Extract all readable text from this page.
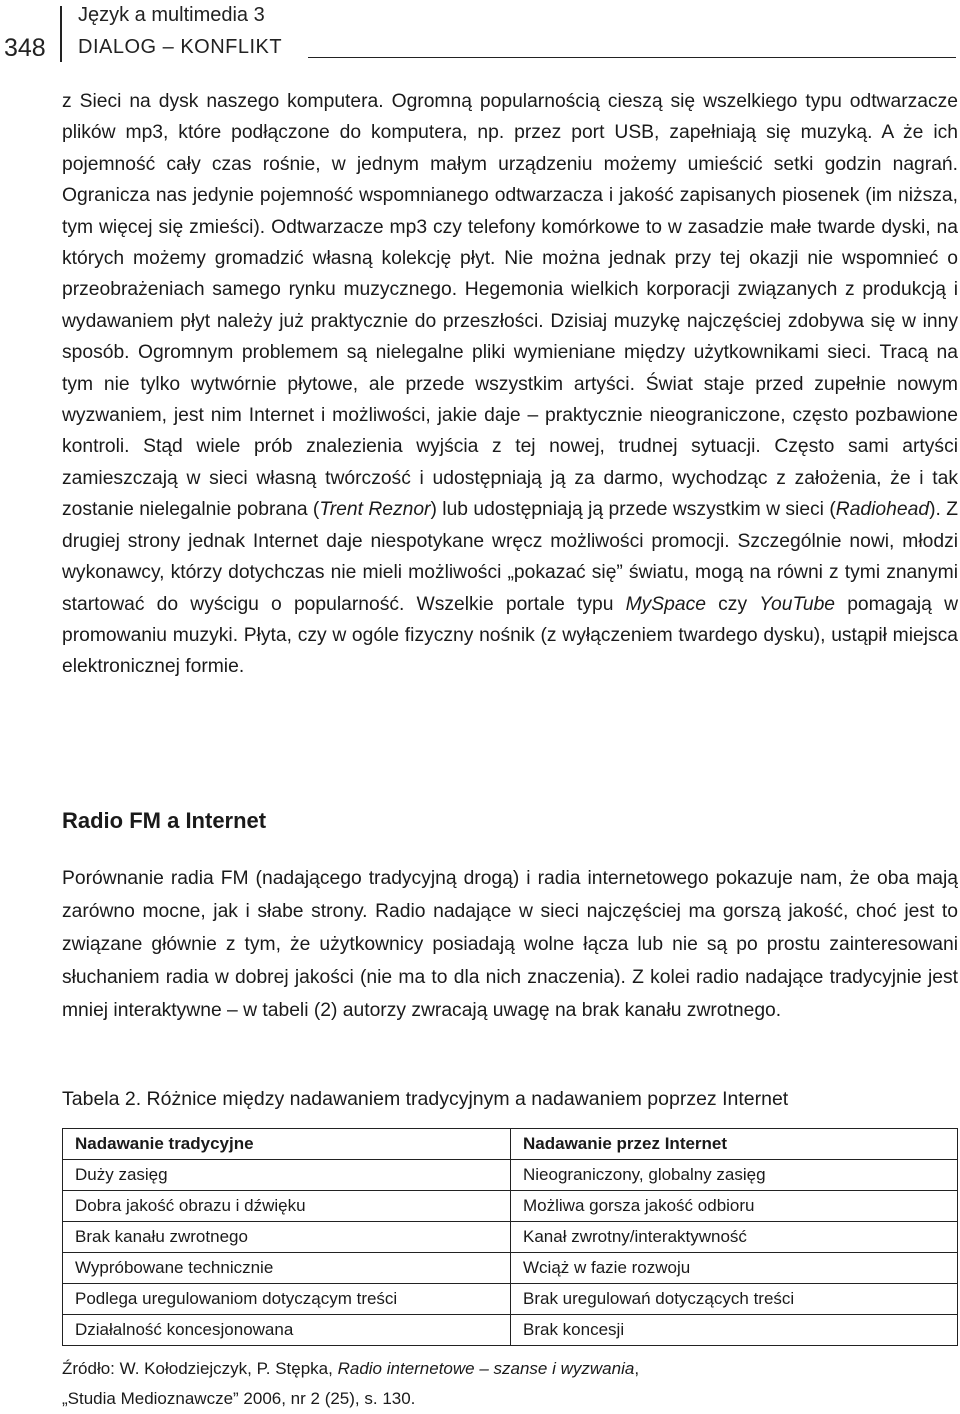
348
Język a multimedia 3
DIALOG – KONFLIKT

z Sieci na dysk naszego komputera. Ogromną popularnością cieszą się wszelkiego typu odtwarzacze plików mp3, które podłączone do komputera, np. przez port USB, zapełniają się muzyką. A że ich pojemność cały czas rośnie, w jednym małym urządzeniu możemy umieścić setki godzin nagrań. Ogranicza nas jedynie pojemność wspomnianego odtwarzacza i jakość zapisanych piosenek (im niższa, tym więcej się zmieści). Odtwarzacze mp3 czy telefony komórkowe to w zasadzie małe twarde dyski, na których możemy gromadzić własną kolekcję płyt. Nie można jednak przy tej okazji nie wspomnieć o przeobrażeniach samego rynku muzycznego. Hegemonia wielkich korporacji związanych z produkcją i wydawaniem płyt należy już praktycznie do przeszłości. Dzisiaj muzykę najczęściej zdobywa się w inny sposób. Ogromnym problemem są nielegalne pliki wymieniane między użytkownikami sieci. Tracą na tym nie tylko wytwórnie płytowe, ale przede wszystkim artyści. Świat staje przed zupełnie nowym wyzwaniem, jest nim Internet i możliwości, jakie daje – praktycznie nieograniczone, często pozbawione kontroli. Stąd wiele prób znalezienia wyjścia z tej nowej, trudnej sytuacji. Często sami artyści zamieszczają w sieci własną twórczość i udostępniają ją za darmo, wychodząc z założenia, że i tak zostanie nielegalnie pobrana (Trent Reznor) lub udostępniają ją przede wszystkim w sieci (Radiohead). Z drugiej strony jednak Internet daje niespotykane wręcz możliwości promocji. Szczególnie nowi, młodzi wykonawcy, którzy dotychczas nie mieli możliwości „pokazać się” światu, mogą na równi z tymi znanymi startować do wyścigu o popularność. Wszelkie portale typu MySpace czy YouTube pomagają w promowaniu muzyki. Płyta, czy w ogóle fizyczny nośnik (z wyłączeniem twardego dysku), ustąpił miejsca elektronicznej formie.

Radio FM a Internet

Porównanie radia FM (nadającego tradycyjną drogą) i radia internetowego pokazuje nam, że oba mają zarówno mocne, jak i słabe strony. Radio nadające w sieci najczęściej ma gorszą jakość, choć jest to związane głównie z tym, że użytkownicy posiadają wolne łącza lub nie są po prostu zainteresowani słuchaniem radia w dobrej jakości (nie ma to dla nich znaczenia). Z kolei radio nadające tradycyjnie jest mniej interaktywne – w tabeli (2) autorzy zwracają uwagę na brak kanału zwrotnego.

Tabela 2. Różnice między nadawaniem tradycyjnym a nadawaniem poprzez Internet

Nadawanie tradycyjne	Nadawanie przez Internet
Duży zasięg	Nieograniczony, globalny zasięg
Dobra jakość obrazu i dźwięku	Możliwa gorsza jakość odbioru
Brak kanału zwrotnego	Kanał zwrotny/interaktywność
Wypróbowane technicznie	Wciąż w fazie rozwoju
Podlega uregulowaniom dotyczącym treści	Brak uregulowań dotyczących treści
Działalność koncesjonowana	Brak koncesji

Źródło: W. Kołodziejczyk, P. Stępka, Radio internetowe – szanse i wyzwania,
„Studia Medioznawcze” 2006, nr 2 (25), s. 130.
